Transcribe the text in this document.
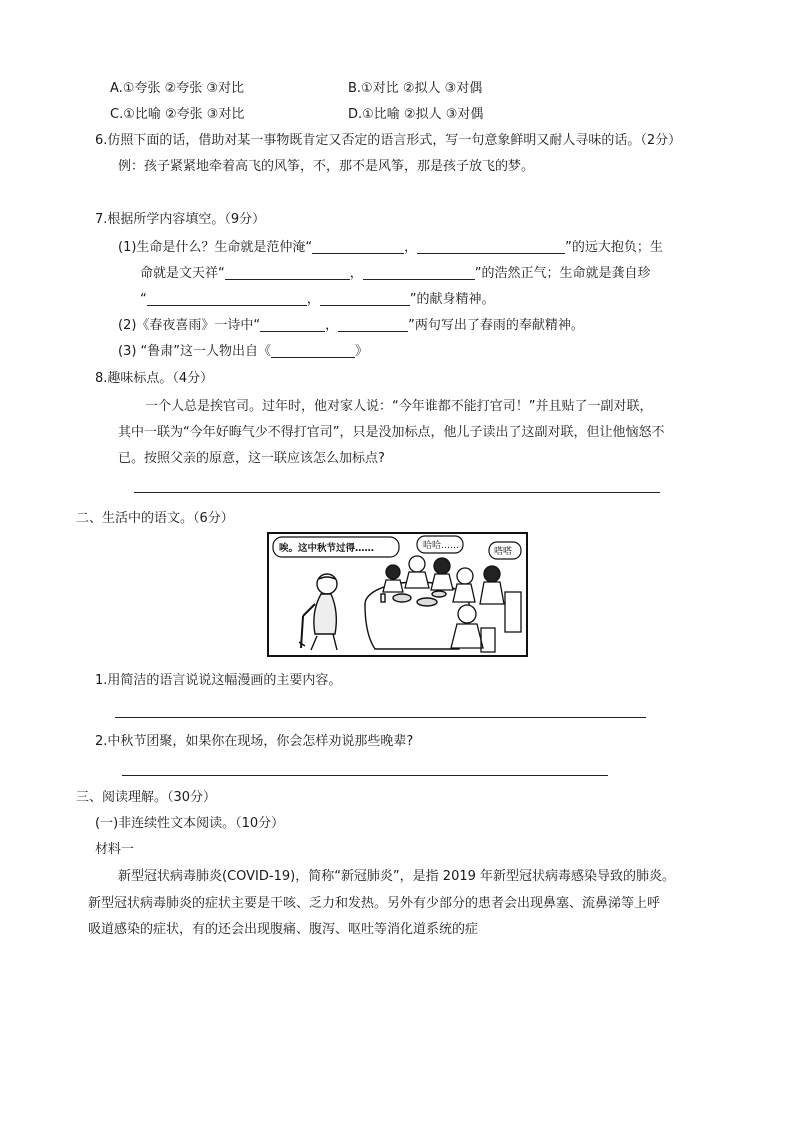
A.①夸张 ②夸张 ③对比	B.①对比 ②拟人 ③对偶
C.①比喻 ②夸张 ③对比	D.①比喻 ②拟人 ③对偶
6.仿照下面的话，借助对某一事物既肯定又否定的语言形式，写一句意象鲜明又耐人寻味的话。（2分）
例：孩子紧紧地牵着高飞的风筝，不，那不是风筝，那是孩子放飞的梦。
7.根据所学内容填空。（9分）
(1)生命是什么？生命就是范仲淹“	，	”的远大抱负；生
命就是文天祥“	，	”的浩然正气；生命就是龚自珍
“	，	”的献身精神。
(2)《春夜喜雨》一诗中“	，	”两句写出了春雨的奉献精神。
(3) “鲁肃”这一人物出自《	》
8.趣味标点。（4分）
一个人总是挨官司。过年时，他对家人说：“今年谁都不能打官司！”并且贴了一副对联，
其中一联为“今年好晦气少不得打官司”，只是没加标点，他儿子读出了这副对联，但让他恼怒不
已。按照父亲的原意，这一联应该怎么加标点?
二、生活中的语文。（6分）
唉。这中秋节过得……	哈哈……
嗒嗒
1.用简洁的语言说说这幅漫画的主要内容。
2.中秋节团聚，如果你在现场，你会怎样劝说那些晚辈?
三、阅读理解。（30分）
(一)非连续性文本阅读。（10分）
材料一
新型冠状病毒肺炎(COVID-19)，简称“新冠肺炎”，是指 2019 年新型冠状病毒感染导致的肺炎。
新型冠状病毒肺炎的症状主要是干咳、乏力和发热。另外有少部分的患者会出现鼻塞、流鼻涕等上呼
吸道感染的症状，有的还会出现腹痛、腹泻、呕吐等消化道系统的症
